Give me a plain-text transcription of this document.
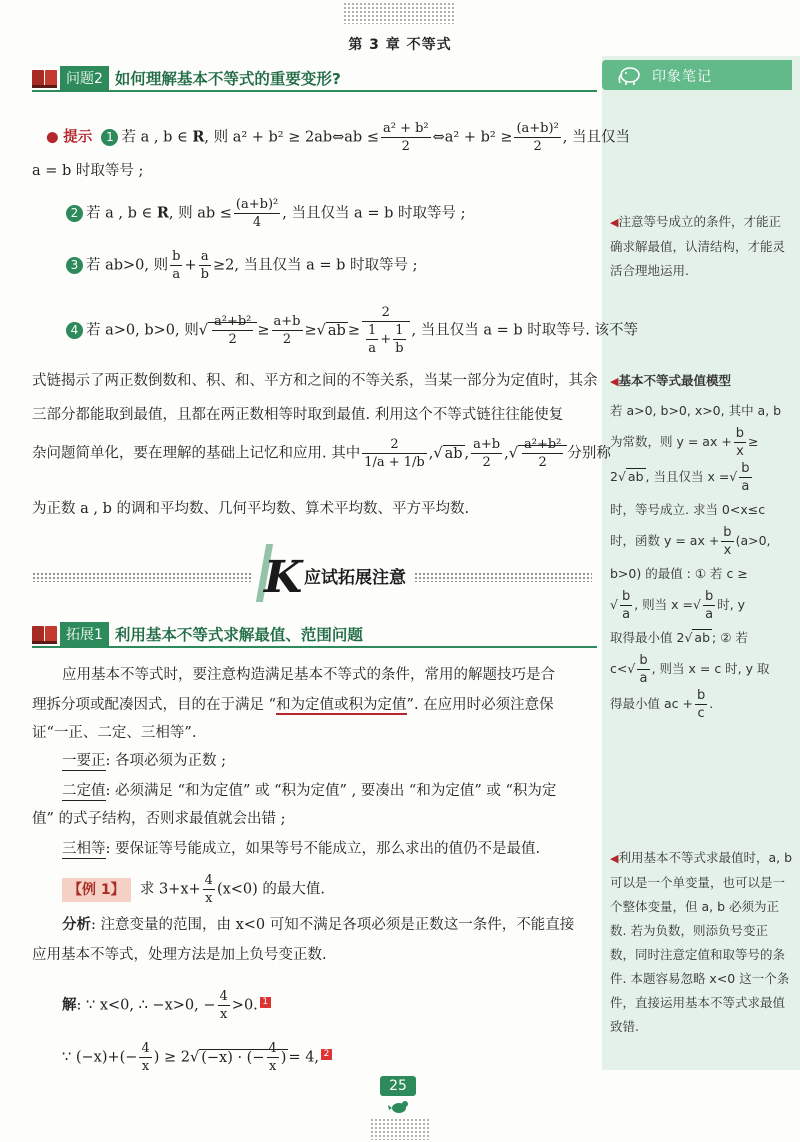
第 3 章 不等式
印象笔记
◀注意等号成立的条件，才能正确求解最值，认清结构，才能灵活合理地运用.
◀基本不等式最值模型
若 a>0, b>0, x>0, 其中 a, b
为常数，则 y = ax + $\frac{b}{x}$ ≥
2√ ab , 当且仅当 x =√ $\frac{b}{a}$
时，等号成立. 求当 0<x≤c
时，函数 y = ax + $\frac{b}{x} (a>0$,
b>0) 的最值 : ① 若 c ≥
√ $\frac{b}{a}$ , 则当 x =√ $\frac{b}{a}$ 时, y
取得最小值 2√ ab ; ② 若
$c<√ \frac{b}{a}$ , 则当 x = c 时, y 取
得最小值 ac + $\frac{b}{c}$ .
◀利用基本不等式求最值时，a, b 可以是一个单变量，也可以是一个整体变量，但 a, b 必须为正数. 若为负数，则添负号变正数，同时注意定值和取等号的条件. 本题容易忽略 x<0 这一个条件，直接运用基本不等式求最值致错.
问题2 如何理解基本不等式的重要变形?
● 提示 1 若 a , b ∈ R, 则 a² + b² ≥ 2ab⇔ab ≤ $\frac{\text{a² + b²}}{2}$ ⇔a² + $b^2 \ge \frac{\text{(a+b)²}}{2}$ , 当且仅当
a = b 时取等号 ;
2 若 a , b ∈ R, 则 ab ≤ $\frac{\text{(a+b)²}}{4}$ , 当且仅当 a = b 时取等号 ;
3 若 ab>0, 则 $\frac{b}{a} + \frac{a}{b} \ge 2$, 当且仅当 a = b 时取等号 ;
4 若 a>0, b>0, 则√ $\frac{\text{a²+b²}}{2} \ge \frac{a+b}{2}$ ≥√ ab ≥ $\frac{2}{\frac{1}{a} + \frac{1}{b}}$ , 当且仅当 a = b 时取等号. 该不等
式链揭示了两正数倒数和、积、和、平方和之间的不等关系，当某一部分为定值时，其余
三部分都能取到最值，且都在两正数相等时取到最值. 利用这个不等式链往往能使复
杂问题简单化，要在理解的基础上记忆和应用. 其中 $\frac{2}{1/a + 1/b}$ ,√ ab , $\frac{a+b}{2}$ ,√ $\frac{\text{a²+b²}}{2}$ 分别称
为正数 a , b 的调和平均数、几何平均数、算术平均数、平方平均数.
K 应试拓展注意
拓展1 利用基本不等式求解最值、范围问题
应用基本不等式时，要注意构造满足基本不等式的条件，常用的解题技巧是合
理拆分项或配凑因式，目的在于满足 “和为定值或积为定值”. 在应用时必须注意保
证“一正、二定、三相等”.
一要正: 各项必须为正数 ;
二定值: 必须满足 “和为定值” 或 “积为定值” , 要凑出 “和为定值” 或 “积为定
值” 的式子结构，否则求最值就会出错 ;
三相等: 要保证等号能成立，如果等号不能成立，那么求出的值仍不是最值.
【例 1】 求 $3+x+ \frac{4}{x} (x<0)$ 的最大值.
分析: 注意变量的范围，由 x<0 可知不满足各项必须是正数这一条件，不能直接
应用基本不等式，处理方法是加上负号变正数.
解: ∵ x<0, ∴ −x>0, − $\frac{4}{x} >0$. 1
∵ $(-x)+(- \frac{4}{x}$ ) ≥ 2√ (−x) · (− $\frac{4}{x}$ ) = 4, 2
25
